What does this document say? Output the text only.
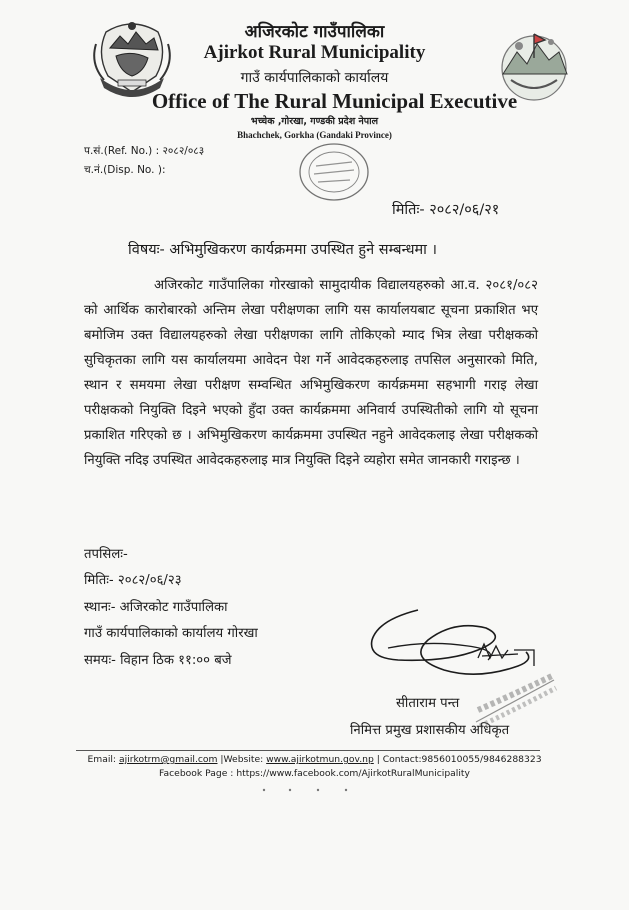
अजिरकोट गाउँपालिका
Ajirkot Rural Municipality
गाउँ कार्यपालिकाको कार्यालय
Office of The Rural Municipal Executive
भच्चेक ,गोरखा, गण्डकी प्रदेश नेपाल
Bhachchek, Gorkha (Gandaki Province)
प.सं.(Ref. No.) : २०८२/०८३
च.नं.(Disp. No. ):
मितिः- २०८२/०६/२१
विषयः- अभिमुखिकरण कार्यक्रममा उपस्थित हुने सम्बन्धमा ।
अजिरकोट गाउँपालिका गोरखाको सामुदायीक विद्यालयहरुको आ.व. २०८१/०८२ को आर्थिक कारोबारको अन्तिम लेखा परीक्षणका लागि यस कार्यालयबाट सूचना प्रकाशित भए बमोजिम उक्त विद्यालयहरुको लेखा परीक्षणका लागि तोकिएको म्याद भित्र लेखा परीक्षकको सुचिकृतका लागि यस कार्यालयमा आवेदन पेश गर्ने आवेदकहरुलाइ तपसिल अनुसारको मिति, स्थान र समयमा लेखा परीक्षण सम्वन्धित अभिमुखिकरण कार्यक्रममा सहभागी गराइ लेखा परीक्षकको नियुक्ति दिइने भएको हुँदा उक्त कार्यक्रममा अनिवार्य उपस्थितीको लागि यो सूचना प्रकाशित गरिएको छ । अभिमुखिकरण कार्यक्रममा उपस्थित नहुने आवेदकलाइ लेखा परीक्षकको नियुक्ति नदिइ उपस्थित आवेदकहरुलाइ मात्र नियुक्ति दिइने व्यहोरा समेत जानकारी गराइन्छ ।
तपसिलः-
मितिः- २०८२/०६/२३
स्थानः- अजिरकोट गाउँपालिका
गाउँ कार्यपालिकाको कार्यालय गोरखा
समयः- विहान ठिक ११:०० बजे
सीताराम पन्त
निमित्त प्रमुख प्रशासकीय अधिकृत
Email: ajirkotrm@gmail.com |Website: www.ajirkotmun.gov.np | Contact:9856010055/9846288323
Facebook Page : https://www.facebook.com/AjirkotRuralMunicipality
